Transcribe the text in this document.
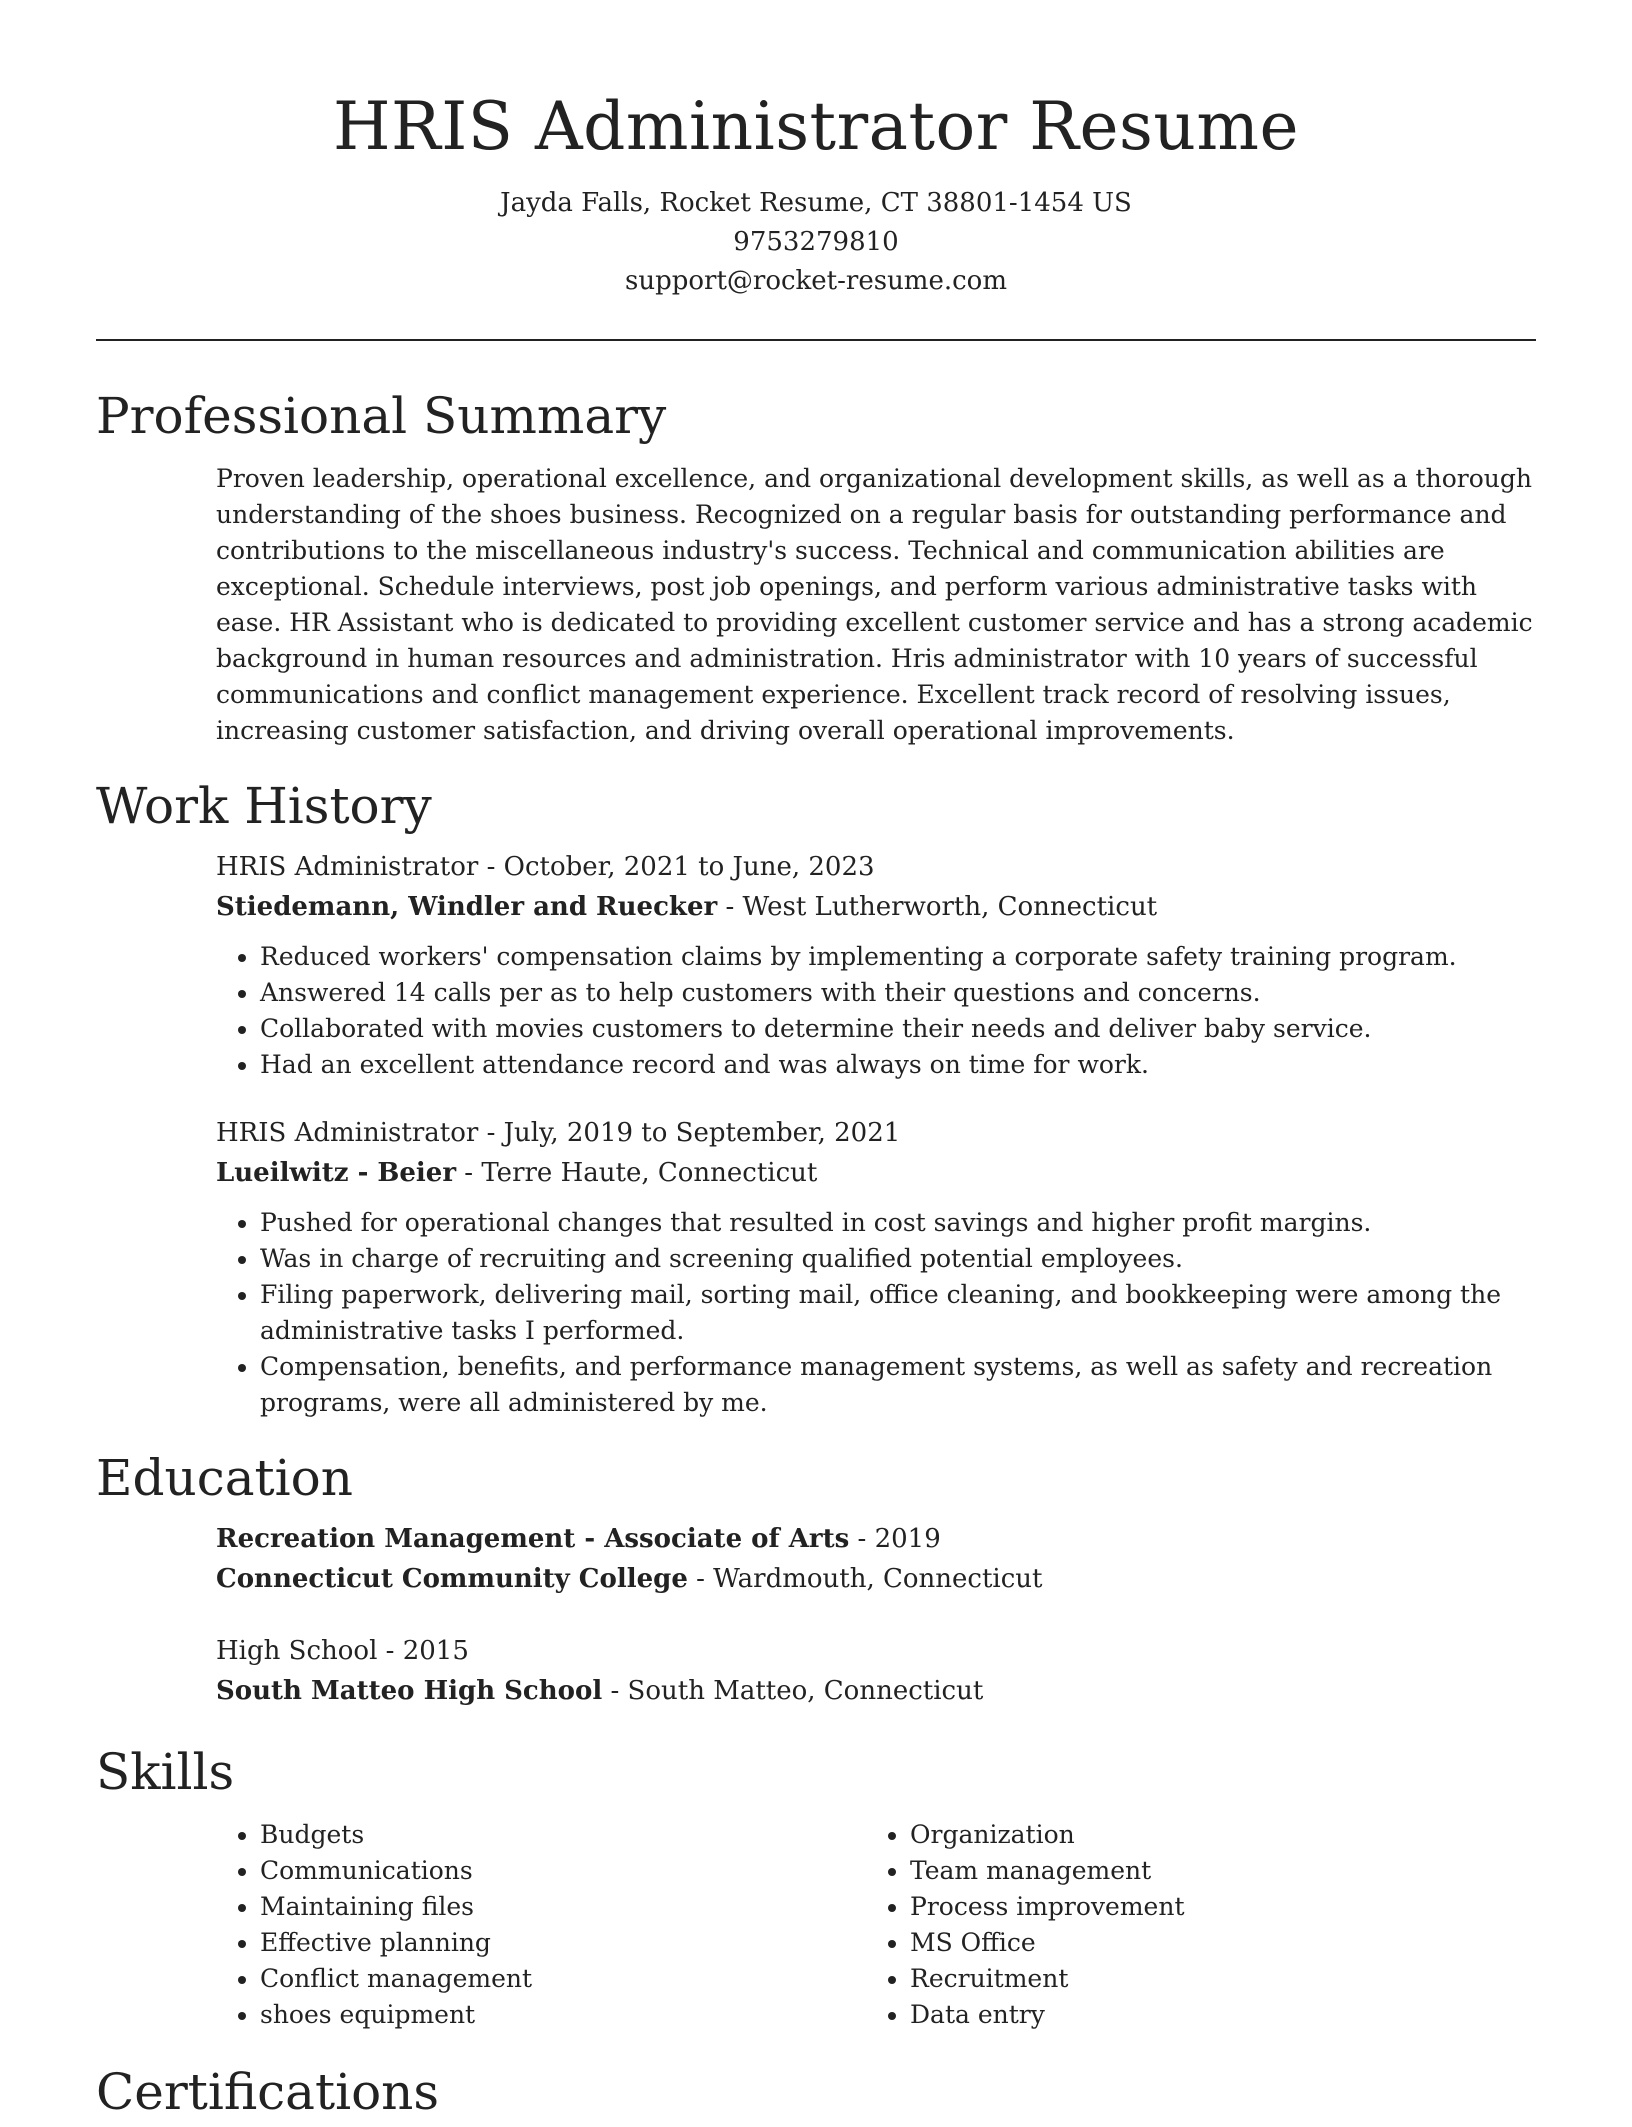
HRIS Administrator Resume
Jayda Falls, Rocket Resume, CT 38801-1454 US
9753279810
support@rocket-resume.com
Professional Summary

Proven leadership, operational excellence, and organizational development skills, as well as a thorough understanding of the shoes business. Recognized on a regular basis for outstanding performance and contributions to the miscellaneous industry's success. Technical and communication abilities are exceptional. Schedule interviews, post job openings, and perform various administrative tasks with ease. HR Assistant who is dedicated to providing excellent customer service and has a strong academic background in human resources and administration. Hris administrator with 10 years of successful communications and conflict management experience. Excellent track record of resolving issues, increasing customer satisfaction, and driving overall operational improvements.

Work History
HRIS Administrator - October, 2021 to June, 2023
Stiedemann, Windler and Ruecker - West Lutherworth, Connecticut
• Reduced workers' compensation claims by implementing a corporate safety training program.
• Answered 14 calls per as to help customers with their questions and concerns.
• Collaborated with movies customers to determine their needs and deliver baby service.
• Had an excellent attendance record and was always on time for work.
HRIS Administrator - July, 2019 to September, 2021
Lueilwitz - Beier - Terre Haute, Connecticut
• Pushed for operational changes that resulted in cost savings and higher profit margins.
• Was in charge of recruiting and screening qualified potential employees.
• Filing paperwork, delivering mail, sorting mail, office cleaning, and bookkeeping were among the administrative tasks I performed.
• Compensation, benefits, and performance management systems, as well as safety and recreation programs, were all administered by me.
Education
Recreation Management - Associate of Arts - 2019
Connecticut Community College - Wardmouth, Connecticut
High School - 2015
South Matteo High School - South Matteo, Connecticut
Skills
• Budgets
• Communications
• Maintaining files
• Effective planning
• Conflict management
• shoes equipment
• Organization
• Team management
• Process improvement
• MS Office
• Recruitment
• Data entry
Certifications
